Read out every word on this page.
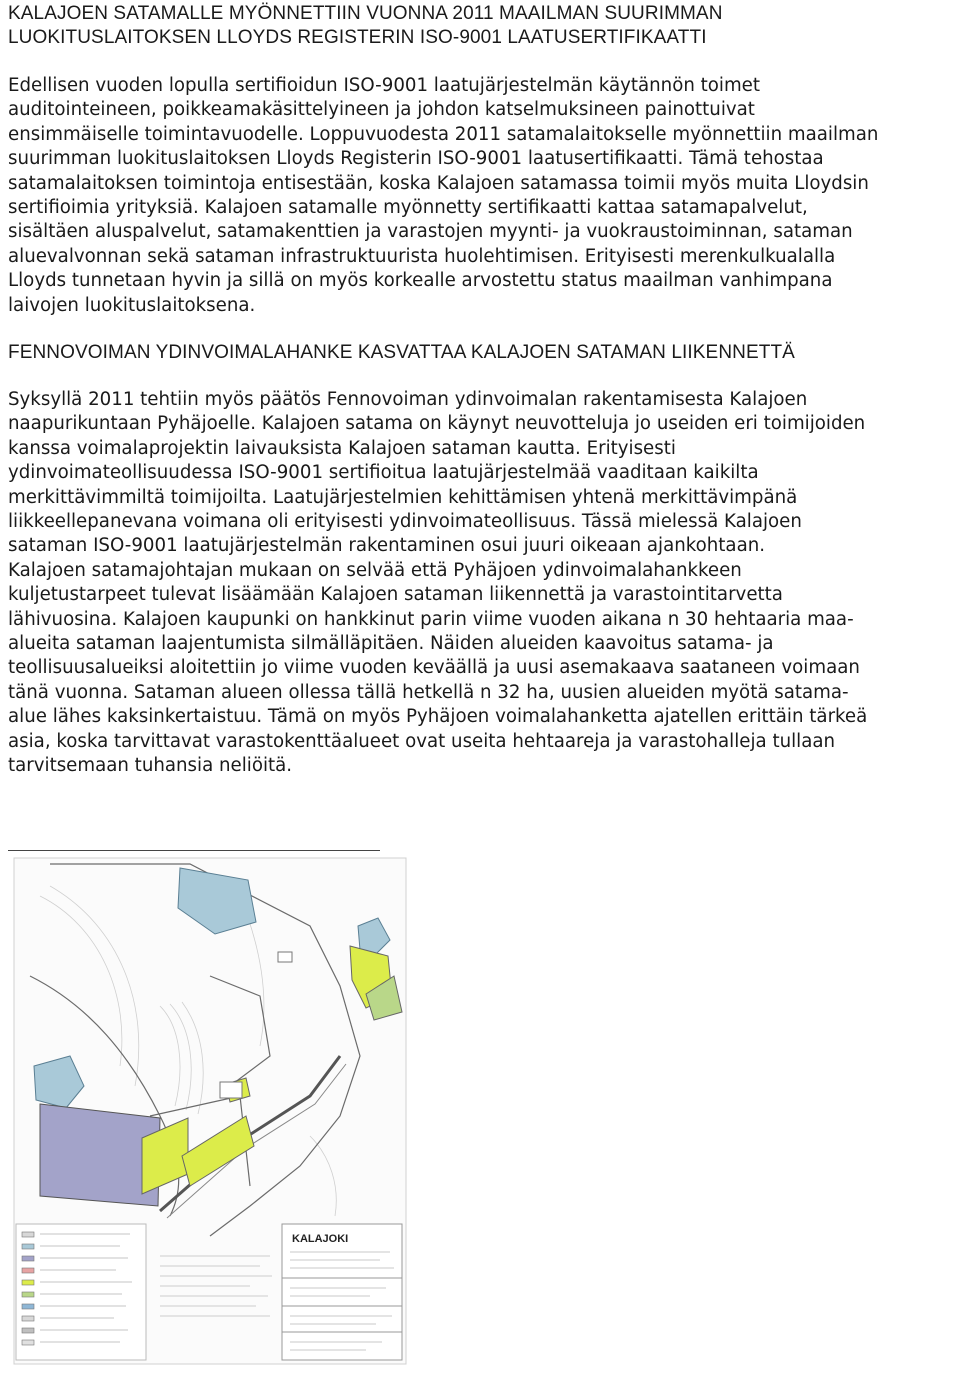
KALAJOEN SATAMALLE MYÖNNETTIIN VUONNA 2011 MAAILMAN SUURIMMAN

LUOKITUSLAITOKSEN LLOYDS REGISTERIN ISO-9001 LAATUSERTIFIKAATTI

Edellisen vuoden lopulla sertifioidun ISO-9001 laatujärjestelmän käytännön toimet

auditointeineen, poikkeamakäsittelyineen ja johdon katselmuksineen painottuivat

ensimmäiselle toimintavuodelle. Loppuvuodesta 2011 satamalaitokselle myönnettiin maailman

suurimman luokituslaitoksen Lloyds Registerin ISO-9001 laatusertifikaatti. Tämä tehostaa

satamalaitoksen toimintoja entisestään, koska Kalajoen satamassa toimii myös muita Lloydsin

sertifioimia yrityksiä. Kalajoen satamalle myönnetty sertifikaatti kattaa satamapalvelut,

sisältäen aluspalvelut, satamakenttien ja varastojen myynti- ja vuokraustoiminnan, sataman

aluevalvonnan sekä sataman infrastruktuurista huolehtimisen. Erityisesti merenkulkualalla

Lloyds tunnetaan hyvin ja sillä on myös korkealle arvostettu status maailman vanhimpana

laivojen luokituslaitoksena.

FENNOVOIMAN YDINVOIMALAHANKE KASVATTAA KALAJOEN SATAMAN LIIKENNETTÄ

Syksyllä 2011 tehtiin myös päätös Fennovoiman ydinvoimalan rakentamisesta Kalajoen

naapurikuntaan Pyhäjoelle. Kalajoen satama on käynyt neuvotteluja jo useiden eri toimijoiden

kanssa voimalaprojektin laivauksista Kalajoen sataman kautta. Erityisesti

ydinvoimateollisuudessa ISO-9001 sertifioitua laatujärjestelmää vaaditaan kaikilta

merkittävimmiltä toimijoilta. Laatujärjestelmien kehittämisen yhtenä merkittävimpänä

liikkeellepanevana voimana oli erityisesti ydinvoimateollisuus. Tässä mielessä Kalajoen

sataman ISO-9001 laatujärjestelmän rakentaminen osui juuri oikeaan ajankohtaan.

Kalajoen satamajohtajan mukaan on selvää että Pyhäjoen ydinvoimalahankkeen

kuljetustarpeet tulevat lisäämään Kalajoen sataman liikennettä ja varastointitarvetta

lähivuosina. Kalajoen kaupunki on hankkinut parin viime vuoden aikana n 30 hehtaaria maa-

alueita sataman laajentumista silmälläpitäen. Näiden alueiden kaavoitus satama- ja

teollisuusalueiksi aloitettiin jo viime vuoden keväällä ja uusi asemakaava saataneen voimaan

tänä vuonna. Sataman alueen ollessa tällä hetkellä n 32 ha, uusien alueiden myötä satama-

alue lähes kaksinkertaistuu. Tämä on myös Pyhäjoen voimalahanketta ajatellen erittäin tärkeä

asia, koska tarvittavat varastokenttäalueet ovat useita hehtaareja ja varastohalleja tullaan

tarvitsemaan tuhansia neliöitä.

KALAJOKI
